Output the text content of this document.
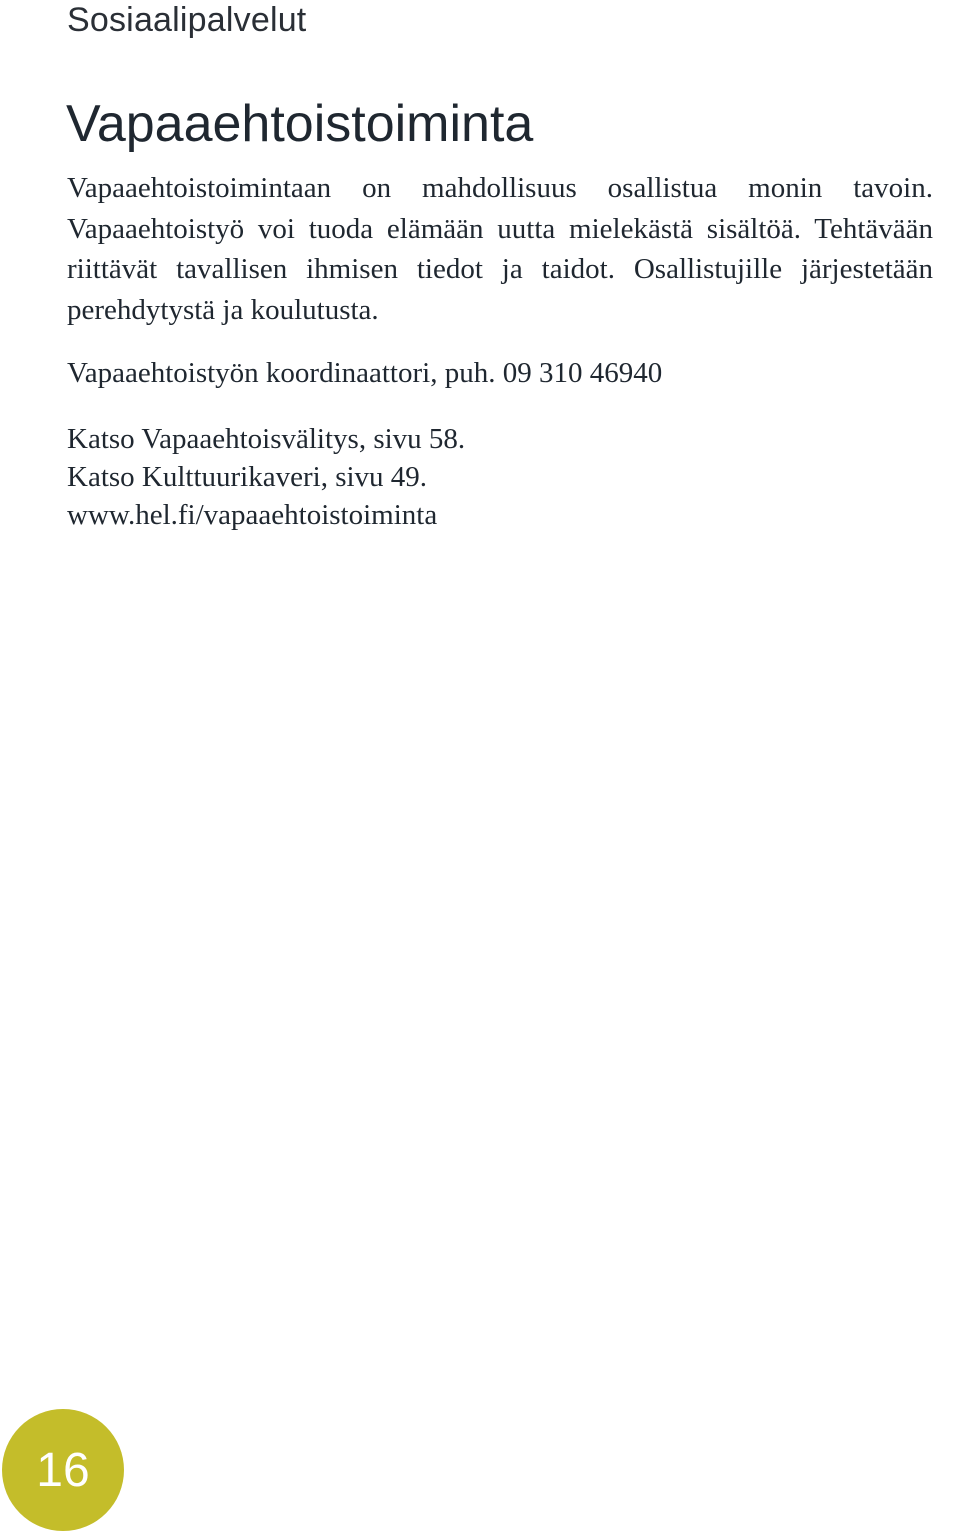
Sosiaalipalvelut
Vapaaehtoistoiminta

Vapaaehtoistoimintaan on mahdollisuus osallistua monin tavoin. Vapaaehtoistyö voi tuoda elämään uutta mielekästä sisältöä. Tehtävään riittävät tavallisen ihmisen tiedot ja taidot. Osallistujille järjestetään perehdytystä ja koulutusta.

Vapaaehtoistyön koordinaattori, puh. 09 310 46940

Katso Vapaaehtoisvälitys, sivu 58.
Katso Kulttuurikaveri, sivu 49.
www.hel.fi/vapaaehtoistoiminta

16
